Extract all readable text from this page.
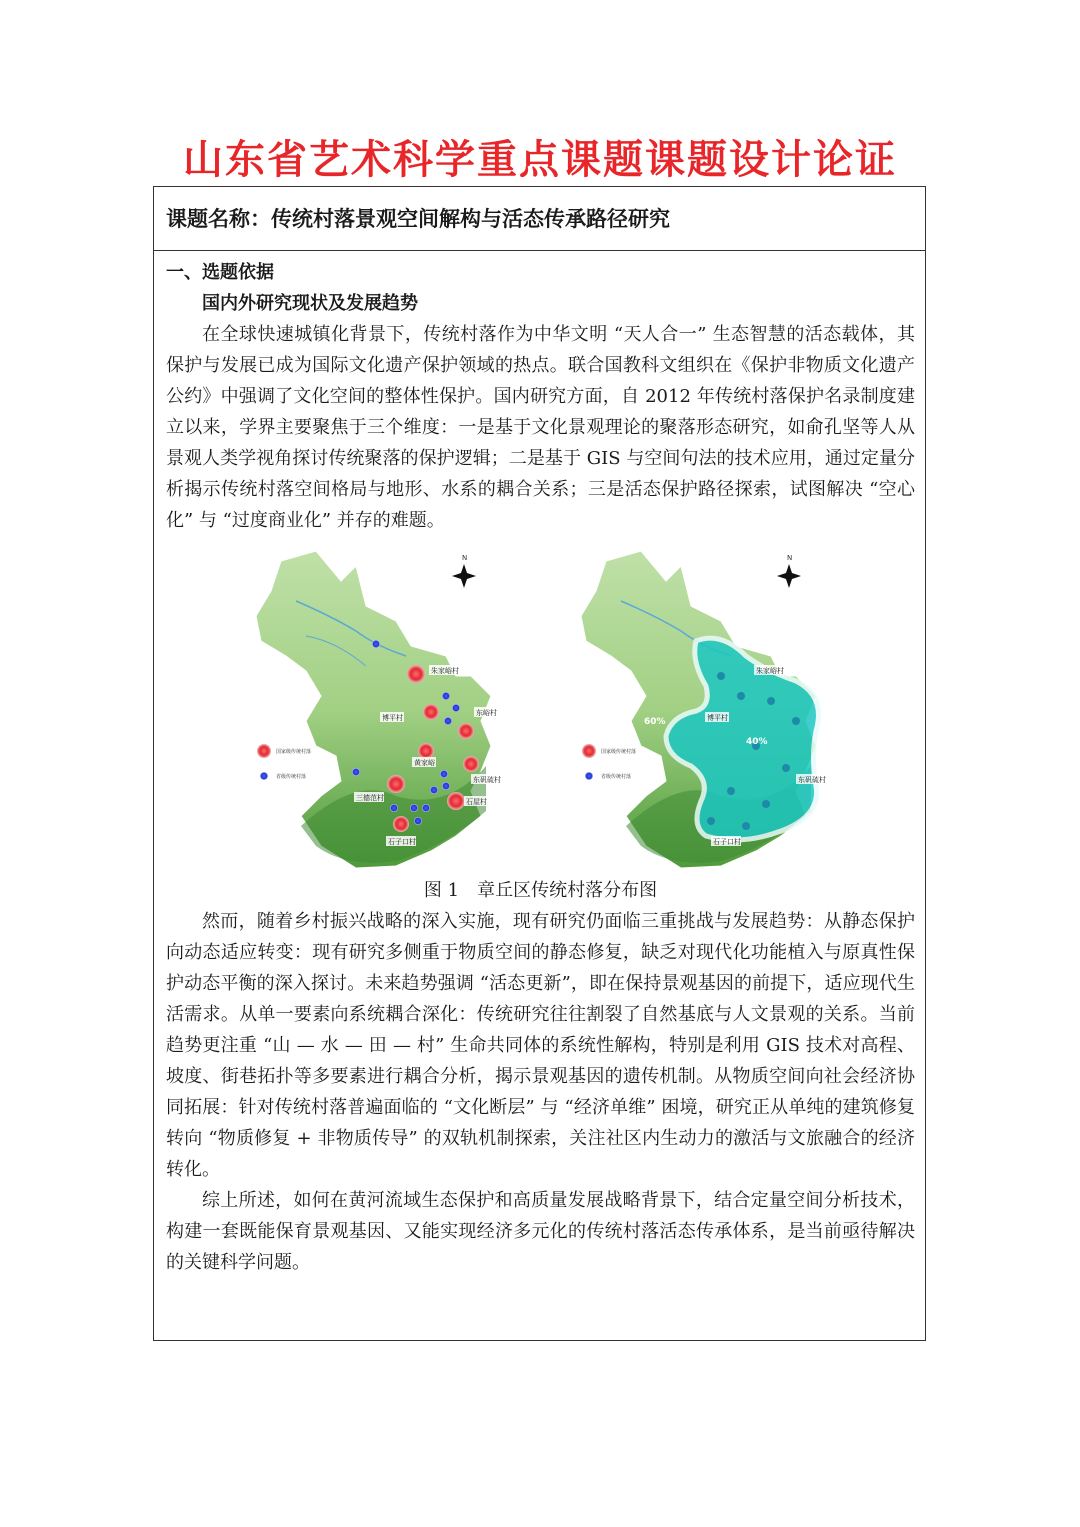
山东省艺术科学重点课题课题设计论证
课题名称：传统村落景观空间解构与活态传承路径研究
一、选题依据
国内外研究现状及发展趋势

在全球快速城镇化背景下，传统村落作为中华文明 “天人合一” 生态智慧的活态载体，其保护与发展已成为国际文化遗产保护领域的热点。联合国教科文组织在《保护非物质文化遗产公约》中强调了文化空间的整体性保护。国内研究方面，自 2012 年传统村落保护名录制度建立以来，学界主要聚焦于三个维度：一是基于文化景观理论的聚落形态研究，如俞孔坚等人从景观人类学视角探讨传统聚落的保护逻辑；二是基于 GIS 与空间句法的技术应用，通过定量分析揭示传统村落空间格局与地形、水系的耦合关系；三是活态保护路径探索，试图解决 “空心化” 与 “过度商业化” 并存的难题。

N
朱家峪村
博平村
东峪村
黄家峪
三德范村
东矾硫村
石屋村
石子口村
国家级传统村落
省级传统村落
N
60%
40%
国家级传统村落
省级传统村落
朱家峪村
博平村
东矾硫村
石子口村
图 1　章丘区传统村落分布图

然而，随着乡村振兴战略的深入实施，现有研究仍面临三重挑战与发展趋势：从静态保护向动态适应转变：现有研究多侧重于物质空间的静态修复，缺乏对现代化功能植入与原真性保护动态平衡的深入探讨。未来趋势强调 “活态更新”，即在保持景观基因的前提下，适应现代生活需求。从单一要素向系统耦合深化：传统研究往往割裂了自然基底与人文景观的关系。当前趋势更注重 “山 — 水 — 田 — 村” 生命共同体的系统性解构，特别是利用 GIS 技术对高程、坡度、街巷拓扑等多要素进行耦合分析，揭示景观基因的遗传机制。从物质空间向社会经济协同拓展：针对传统村落普遍面临的 “文化断层” 与 “经济单维” 困境，研究正从单纯的建筑修复转向 “物质修复 + 非物质传导” 的双轨机制探索，关注社区内生动力的激活与文旅融合的经济转化。

综上所述，如何在黄河流域生态保护和高质量发展战略背景下，结合定量空间分析技术，构建一套既能保育景观基因、又能实现经济多元化的传统村落活态传承体系，是当前亟待解决的关键科学问题。
